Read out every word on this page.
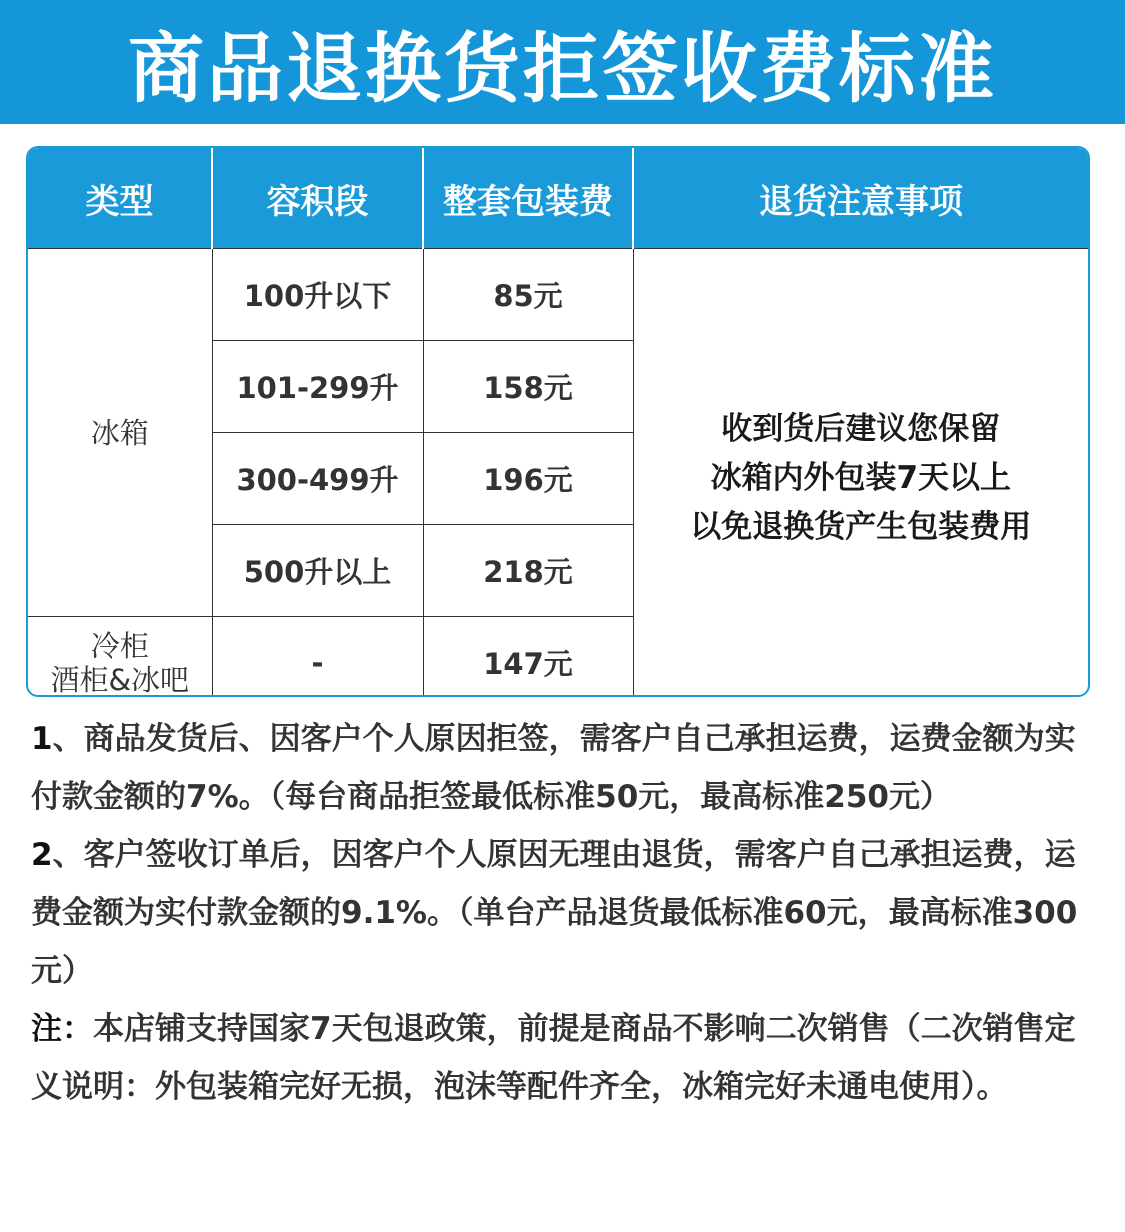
商品退换货拒签收费标准
类型	容积段	整套包装费	退货注意事项
冰箱	100升以下	85元	收到货后建议您保留
冰箱内外包装7天以上
以免退换货产生包装费用

	101-299升	158元	
	300-499升	196元	
	500升以上	218元	

冷柜
酒柜&冰吧	-	147元	

1、商品发货后、因客户个人原因拒签，需客户自己承担运费，运费金额为实付款金额的7%。（每台商品拒签最低标准50元，最高标准250元）

2、客户签收订单后，因客户个人原因无理由退货，需客户自己承担运费，运费金额为实付款金额的9.1%。（单台产品退货最低标准60元，最高标准300元）

注：本店铺支持国家7天包退政策，前提是商品不影响二次销售（二次销售定义说明：外包装箱完好无损，泡沫等配件齐全，冰箱完好未通电使用）。
